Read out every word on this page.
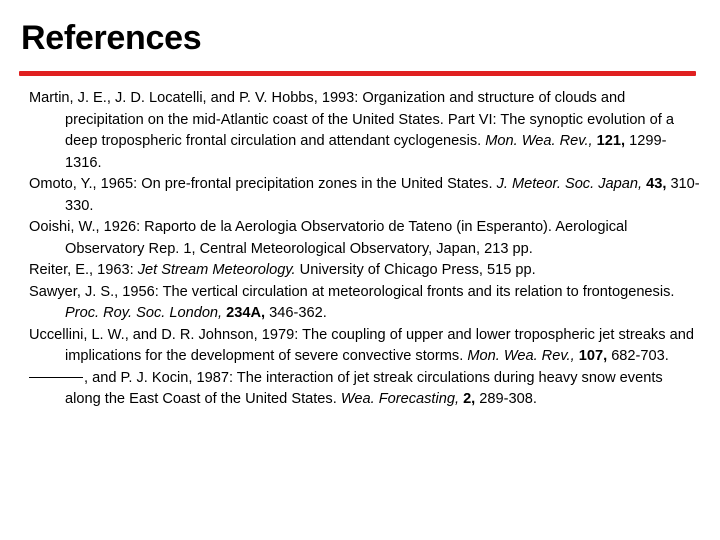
References

Martin, J. E., J. D. Locatelli, and P. V. Hobbs, 1993: Organization and structure of clouds and precipitation on the mid-Atlantic coast of the United States. Part VI: The synoptic evolution of a deep tropospheric frontal circulation and attendant cyclogenesis. Mon. Wea. Rev., 121, 1299-1316.

Omoto, Y., 1965: On pre-frontal precipitation zones in the United States. J. Meteor. Soc. Japan, 43, 310-330.

Ooishi, W., 1926: Raporto de la Aerologia Observatorio de Tateno (in Esperanto). Aerological Observatory Rep. 1, Central Meteorological Observatory, Japan, 213 pp.

Reiter, E., 1963: Jet Stream Meteorology. University of Chicago Press, 515 pp.

Sawyer, J. S., 1956: The vertical circulation at meteorological fronts and its relation to frontogenesis. Proc. Roy. Soc. London, 234A, 346-362.

Uccellini, L. W., and D. R. Johnson, 1979: The coupling of upper and lower tropospheric jet streaks and implications for the development of severe convective storms. Mon. Wea. Rev., 107, 682-703.

, and P. J. Kocin, 1987: The interaction of jet streak circulations during heavy snow events along the East Coast of the United States. Wea. Forecasting, 2, 289-308.
